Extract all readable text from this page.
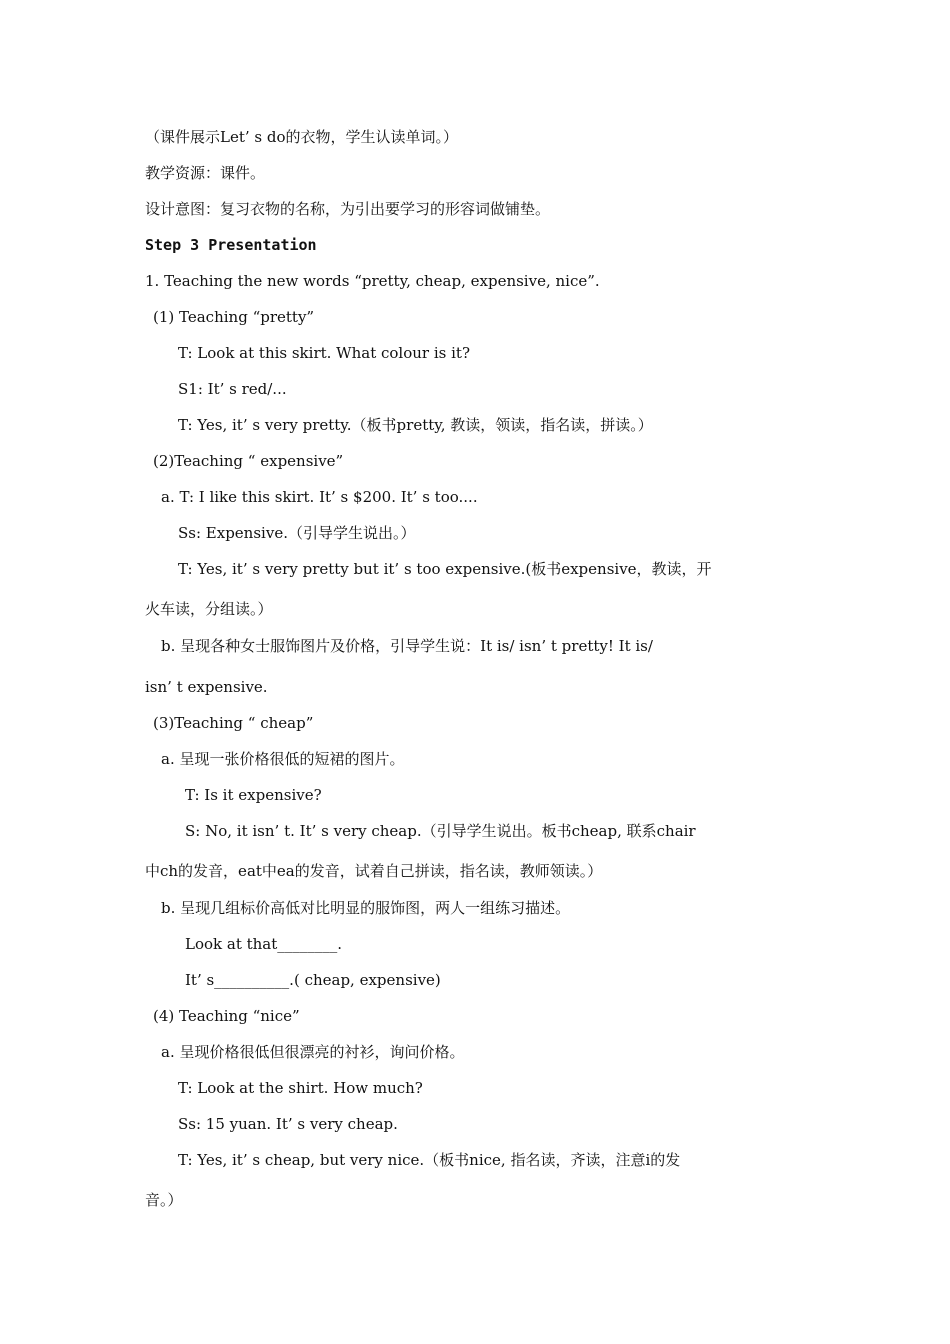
（课件展示Let’ s do的衣物，学生认读单词。）
教学资源：课件。
设计意图：复习衣物的名称，为引出要学习的形容词做铺垫。
Step 3 Presentation
1. Teaching the new words “pretty, cheap, expensive, nice”.
(1) Teaching “pretty”
T: Look at this skirt. What colour is it?
S1: It’ s red/...
T: Yes, it’ s very pretty.（板书pretty, 教读，领读，指名读，拼读。）
(2)Teaching “ expensive”
a. T: I like this skirt. It’ s $200. It’ s too....
Ss: Expensive.（引导学生说出。）
T: Yes, it’ s very pretty but it’ s too expensive.(板书expensive，教读，开
火车读，分组读。）
b. 呈现各种女士服饰图片及价格，引导学生说：It is/ isn’ t pretty! It is/
isn’ t expensive.
(3)Teaching “ cheap”
a. 呈现一张价格很低的短裙的图片。
T: Is it expensive?
S: No, it isn’ t. It’ s very cheap.（引导学生说出。板书cheap, 联系chair
中ch的发音，eat中ea的发音，试着自己拼读，指名读，教师领读。）
b. 呈现几组标价高低对比明显的服饰图，两人一组练习描述。
Look at that________.
It’ s__________.( cheap, expensive)
(4) Teaching “nice”
a. 呈现价格很低但很漂亮的衬衫，询问价格。
T: Look at the shirt. How much?
Ss: 15 yuan. It’ s very cheap.
T: Yes, it’ s cheap, but very nice.（板书nice, 指名读，齐读，注意i的发
音。）
